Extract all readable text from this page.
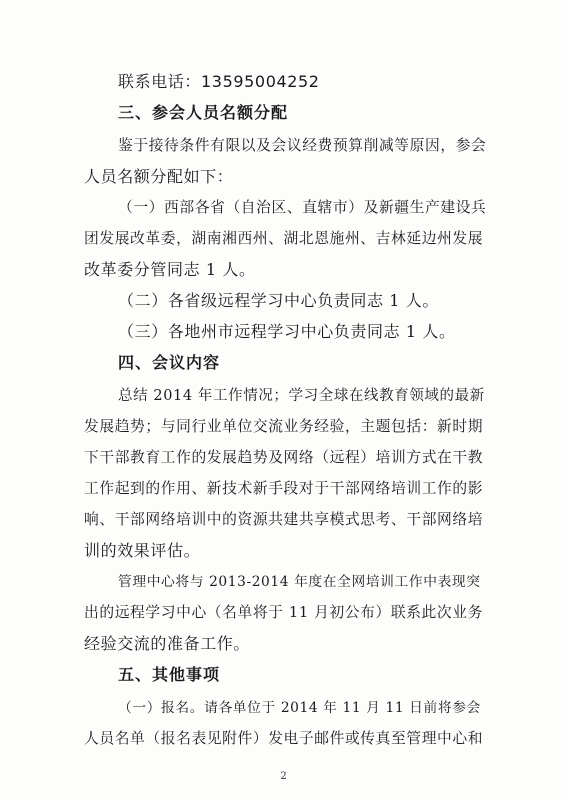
联系电话：13595004252
三、参会人员名额分配
鉴于接待条件有限以及会议经费预算削减等原因，参会
人员名额分配如下：
（一）西部各省（自治区、直辖市）及新疆生产建设兵
团发展改革委，湖南湘西州、湖北恩施州、吉林延边州发展
改革委分管同志 1 人。
（二）各省级远程学习中心负责同志 1 人。
（三）各地州市远程学习中心负责同志 1 人。
四、会议内容
总结 2014 年工作情况；学习全球在线教育领域的最新
发展趋势；与同行业单位交流业务经验，主题包括：新时期
下干部教育工作的发展趋势及网络（远程）培训方式在干教
工作起到的作用、新技术新手段对于干部网络培训工作的影
响、干部网络培训中的资源共建共享模式思考、干部网络培
训的效果评估。
管理中心将与 2013-2014 年度在全网培训工作中表现突
出的远程学习中心（名单将于 11 月初公布）联系此次业务
经验交流的准备工作。
五、其他事项
（一）报名。请各单位于 2014 年 11 月 11 日前将参会
人员名单（报名表见附件）发电子邮件或传真至管理中心和
2
